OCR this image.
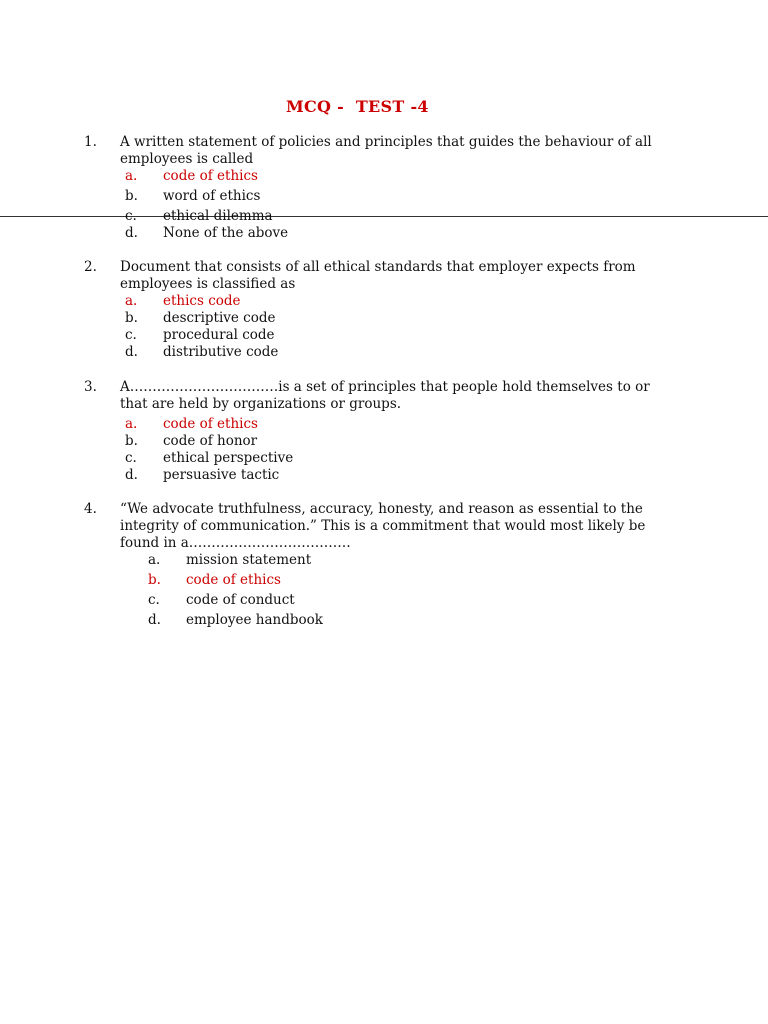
MCQ -  TEST -4

1. A written statement of policies and principles that guides the behaviour of all employees is called
a. code of ethics
b. word of ethics
c. ethical dilemma
d. None of the above
2. Document that consists of all ethical standards that employer expects from employees is classified as
a. ethics code
b. descriptive code
c. procedural code
d. distributive code
3. A……………………………is a set of principles that people hold themselves to or that are held by organizations or groups.
a. code of ethics
b. code of honor
c. ethical perspective
d. persuasive tactic
4. “We advocate truthfulness, accuracy, honesty, and reason as essential to the integrity of communication.” This is a commitment that would most likely be found in a………………………………
a. mission statement
b. code of ethics
c. code of conduct
d. employee handbook
